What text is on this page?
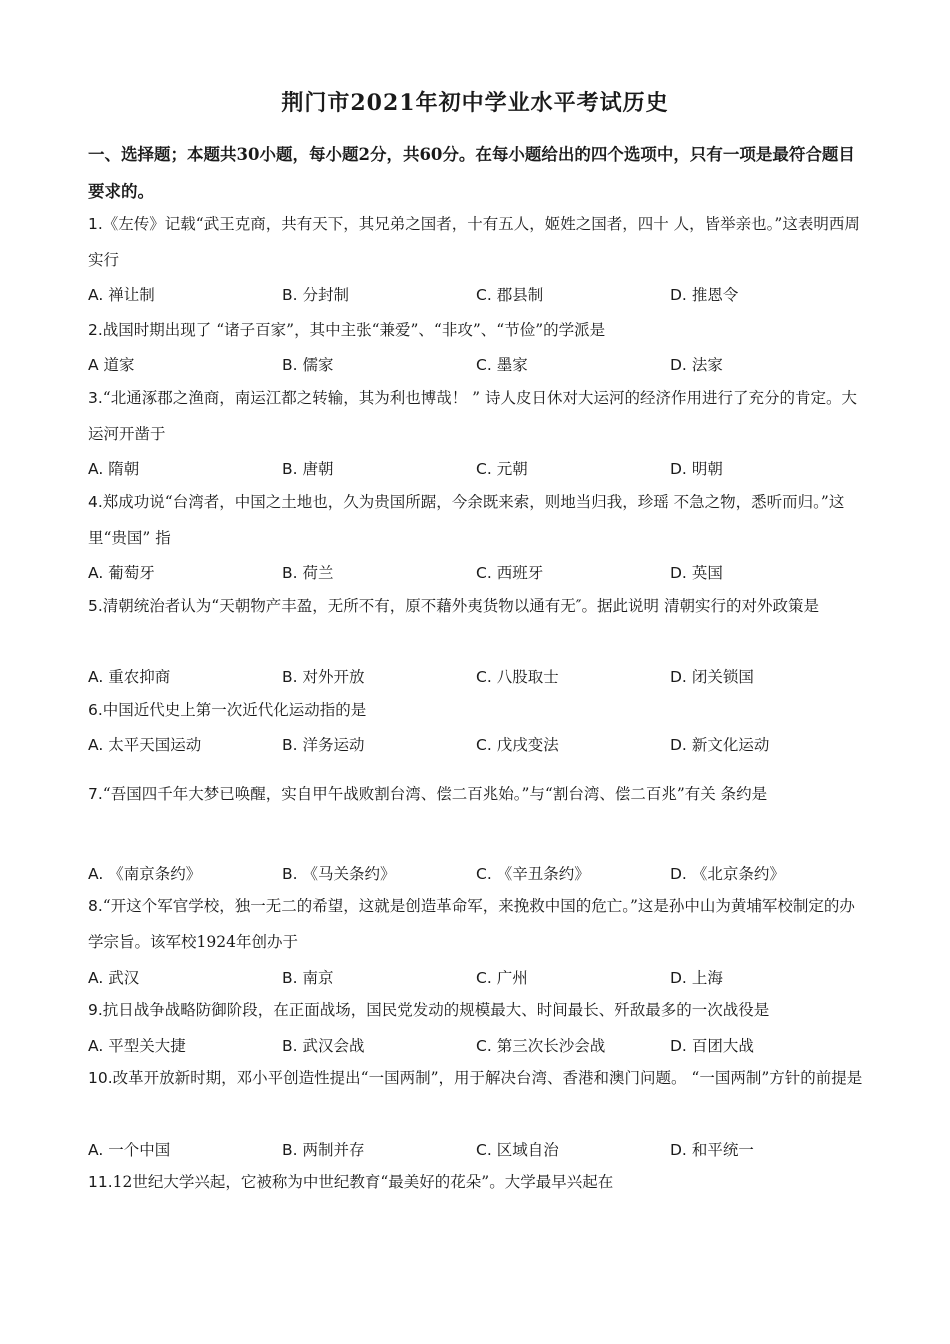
荆门市2021年初中学业水平考试历史
一、选择题；本题共30小题，每小题2分，共60分。在每小题给出的四个选项中，只有一项是最符合题目要求的。
1.《左传》记载“武王克商，共有天下，其兄弟之国者，十有五人，姬姓之国者，四十 人，皆举亲也。”这表明西周实行
A. 禅让制	B. 分封制	C. 郡县制	D. 推恩令
2.战国时期出现了 “诸子百家”，其中主张“兼爱”、“非攻”、“节俭”的学派是
A 道家	B. 儒家	C. 墨家	D. 法家
3.“北通涿郡之渔商，南运江都之转输，其为利也博哉！ ” 诗人皮日休对大运河的经济作用进行了充分的肯定。大运河开凿于
A. 隋朝	B. 唐朝	C. 元朝	D. 明朝
4.郑成功说“台湾者，中国之土地也，久为贵国所踞，今余既来索，则地当归我，珍瑶 不急之物，悉听而归。”这里“贵国” 指
A. 葡萄牙	B. 荷兰	C. 西班牙	D. 英国
5.清朝统治者认为“天朝物产丰盈，无所不有，原不藉外夷货物以通有无″。据此说明 清朝实行的对外政策是
A. 重农抑商	B. 对外开放	C. 八股取士	D. 闭关锁国
6.中国近代史上第一次近代化运动指的是
A. 太平天国运动	B. 洋务运动	C. 戊戌变法	D. 新文化运动
7.“吾国四千年大梦已唤醒，实自甲午战败割台湾、偿二百兆始。”与“割台湾、偿二百兆”有关 条约是
A. 《南京条约》	B. 《马关条约》	C. 《辛丑条约》	D. 《北京条约》
8.“开这个军官学校，独一无二的希望，这就是创造革命军，来挽救中国的危亡。”这是孙中山为黄埔军校制定的办学宗旨。该军校1924年创办于
A. 武汉	B. 南京	C. 广州	D. 上海
9.抗日战争战略防御阶段，在正面战场，国民党发动的规模最大、时间最长、歼敌最多的一次战役是
A. 平型关大捷	B. 武汉会战	C. 第三次长沙会战	D. 百团大战
10.改革开放新时期，邓小平创造性提出“一国两制”，用于解决台湾、香港和澳门问题。 “一国两制”方针的前提是
A. 一个中国	B. 两制并存	C. 区域自治	D. 和平统一
11.12世纪大学兴起，它被称为中世纪教育“最美好的花朵”。大学最早兴起在
